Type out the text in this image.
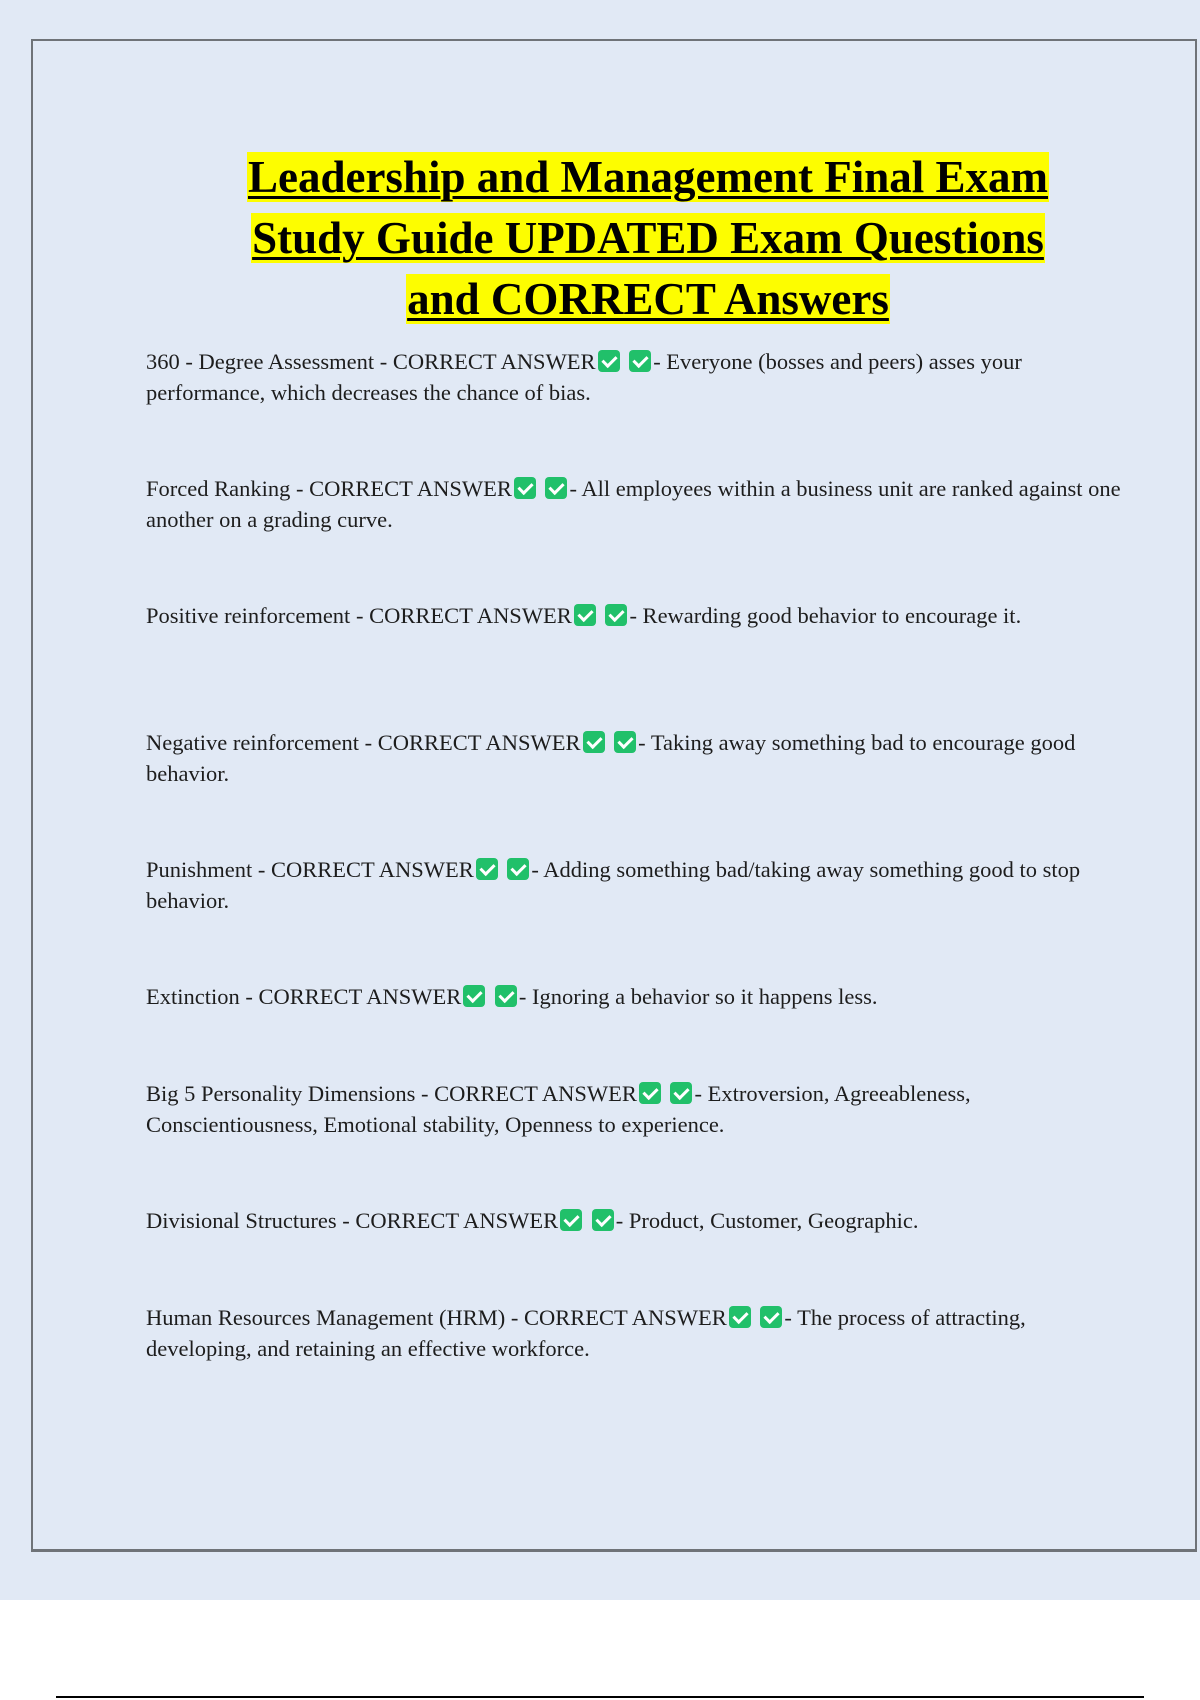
Leadership and Management Final Exam
Study Guide UPDATED Exam Questions
and CORRECT Answers

360 - Degree Assessment - CORRECT ANSWER	- Everyone (bosses and peers) asses your performance, which decreases the chance of bias.

Forced Ranking - CORRECT ANSWER	- All employees within a business unit are ranked against one another on a grading curve.

Positive reinforcement - CORRECT ANSWER	- Rewarding good behavior to encourage it.

Negative reinforcement - CORRECT ANSWER	- Taking away something bad to encourage good behavior.

Punishment - CORRECT ANSWER	- Adding something bad/taking away something good to stop behavior.

Extinction - CORRECT ANSWER	- Ignoring a behavior so it happens less.

Big 5 Personality Dimensions - CORRECT ANSWER	- Extroversion, Agreeableness, Conscientiousness, Emotional stability, Openness to experience.

Divisional Structures - CORRECT ANSWER	- Product, Customer, Geographic.

Human Resources Management (HRM) - CORRECT ANSWER	- The process of attracting, developing, and retaining an effective workforce.
